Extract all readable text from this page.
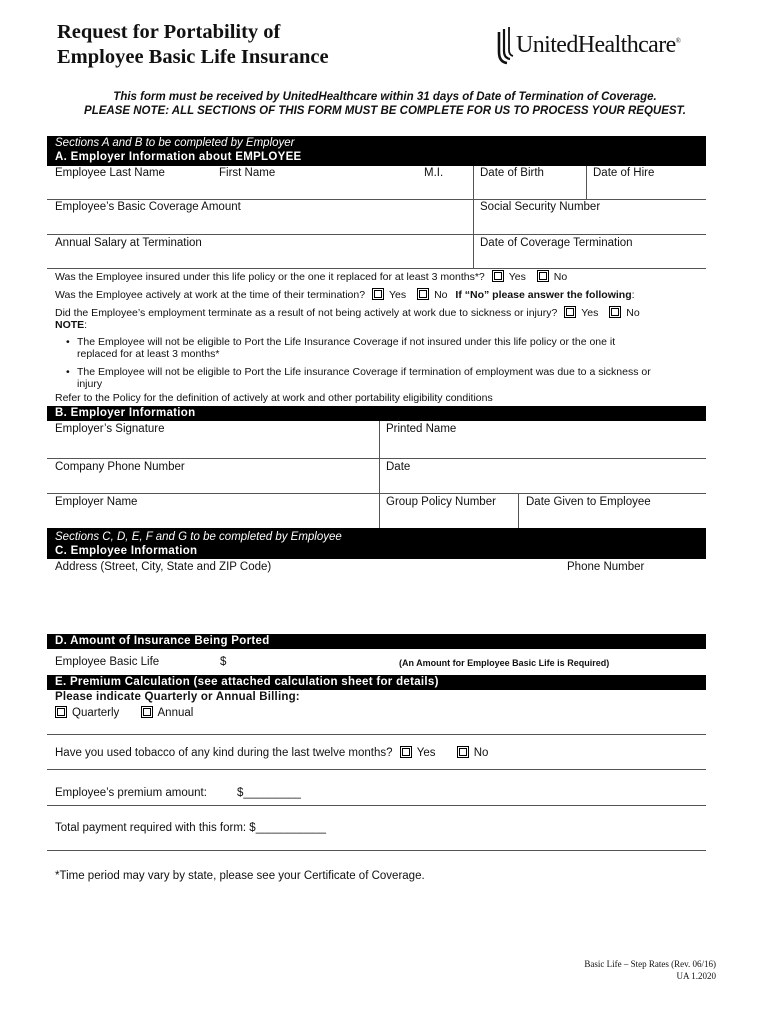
Request for Portability of
Employee Basic Life Insurance	UnitedHealthcare®
This form must be received by UnitedHealthcare within 31 days of Date of Termination of Coverage.
PLEASE NOTE: ALL SECTIONS OF THIS FORM MUST BE COMPLETE FOR US TO PROCESS YOUR REQUEST.
Sections A and B to be completed by Employer
A. Employer Information about EMPLOYEE
Employee Last Name	First Name	M.I.	Date of Birth	Date of Hire
Employee’s Basic Coverage Amount	Social Security Number
Annual Salary at Termination	Date of Coverage Termination
Was the Employee insured under this life policy or the one it replaced for at least 3 months*? Yes	No
Was the Employee actively at work at the time of their termination? Yes	No If “No” please answer the following:
Did the Employee’s employment terminate as a result of not being actively at work due to sickness or injury? Yes	No
NOTE:
• The Employee will not be eligible to Port the Life Insurance Coverage if not insured under this life policy or the one it
replaced for at least 3 months*
• The Employee will not be eligible to Port the Life insurance Coverage if termination of employment was due to a sickness or
injury
Refer to the Policy for the definition of actively at work and other portability eligibility conditions
B. Employer Information
Employer’s Signature	Printed Name
Company Phone Number	Date
Employer Name	Group Policy Number	Date Given to Employee
Sections C, D, E, F and G to be completed by Employee
C. Employee Information
Address (Street, City, State and ZIP Code)	Phone Number
D. Amount of Insurance Being Ported
Employee Basic Life	$	(An Amount for Employee Basic Life is Required)
E. Premium Calculation (see attached calculation sheet for details)
Please indicate Quarterly or Annual Billing:
Quarterly	Annual
Have you used tobacco of any kind during the last twelve months? Yes	No
Employee’s premium amount:	$_________
Total payment required with this form: $___________
*Time period may vary by state, please see your Certificate of Coverage.
Basic Life – Step Rates (Rev. 06/16)
UA 1.2020
